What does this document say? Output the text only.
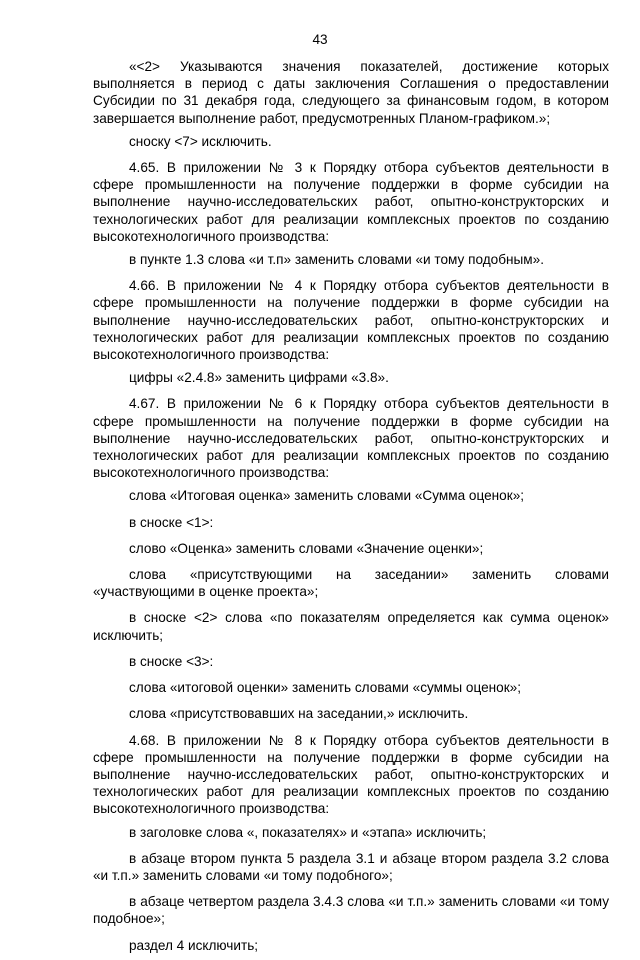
43

«<2> Указываются значения показателей, достижение которых выполняется в период с даты заключения Соглашения о предоставлении Субсидии по 31 декабря года, следующего за финансовым годом, в котором завершается выполнение работ, предусмотренных Планом-графиком.»;

сноску <7> исключить.

4.65. В приложении № 3 к Порядку отбора субъектов деятельности в сфере промышленности на получение поддержки в форме субсидии на выполнение научно-исследовательских работ, опытно-конструкторских и технологических работ для реализации комплексных проектов по созданию высокотехнологичного производства:

в пункте 1.3 слова «и т.п» заменить словами «и тому подобным».

4.66. В приложении № 4 к Порядку отбора субъектов деятельности в сфере промышленности на получение поддержки в форме субсидии на выполнение научно-исследовательских работ, опытно-конструкторских и технологических работ для реализации комплексных проектов по созданию высокотехнологичного производства:

цифры «2.4.8» заменить цифрами «3.8».

4.67. В приложении № 6 к Порядку отбора субъектов деятельности в сфере промышленности на получение поддержки в форме субсидии на выполнение научно-исследовательских работ, опытно-конструкторских и технологических работ для реализации комплексных проектов по созданию высокотехнологичного производства:

слова «Итоговая оценка» заменить словами «Сумма оценок»;

в сноске <1>:

слово «Оценка» заменить словами «Значение оценки»;

слова «присутствующими на заседании» заменить словами «участвующими в оценке проекта»;

в сноске <2> слова «по показателям определяется как сумма оценок» исключить;

в сноске <3>:

слова «итоговой оценки» заменить словами «суммы оценок»;

слова «присутствовавших на заседании,» исключить.

4.68. В приложении № 8 к Порядку отбора субъектов деятельности в сфере промышленности на получение поддержки в форме субсидии на выполнение научно-исследовательских работ, опытно-конструкторских и технологических работ для реализации комплексных проектов по созданию высокотехнологичного производства:

в заголовке слова «, показателях» и «этапа» исключить;

в абзаце втором пункта 5 раздела 3.1 и абзаце втором раздела 3.2 слова «и т.п.» заменить словами «и тому подобного»;

в абзаце четвертом раздела 3.4.3 слова «и т.п.» заменить словами «и тому подобное»;

раздел 4 исключить;
